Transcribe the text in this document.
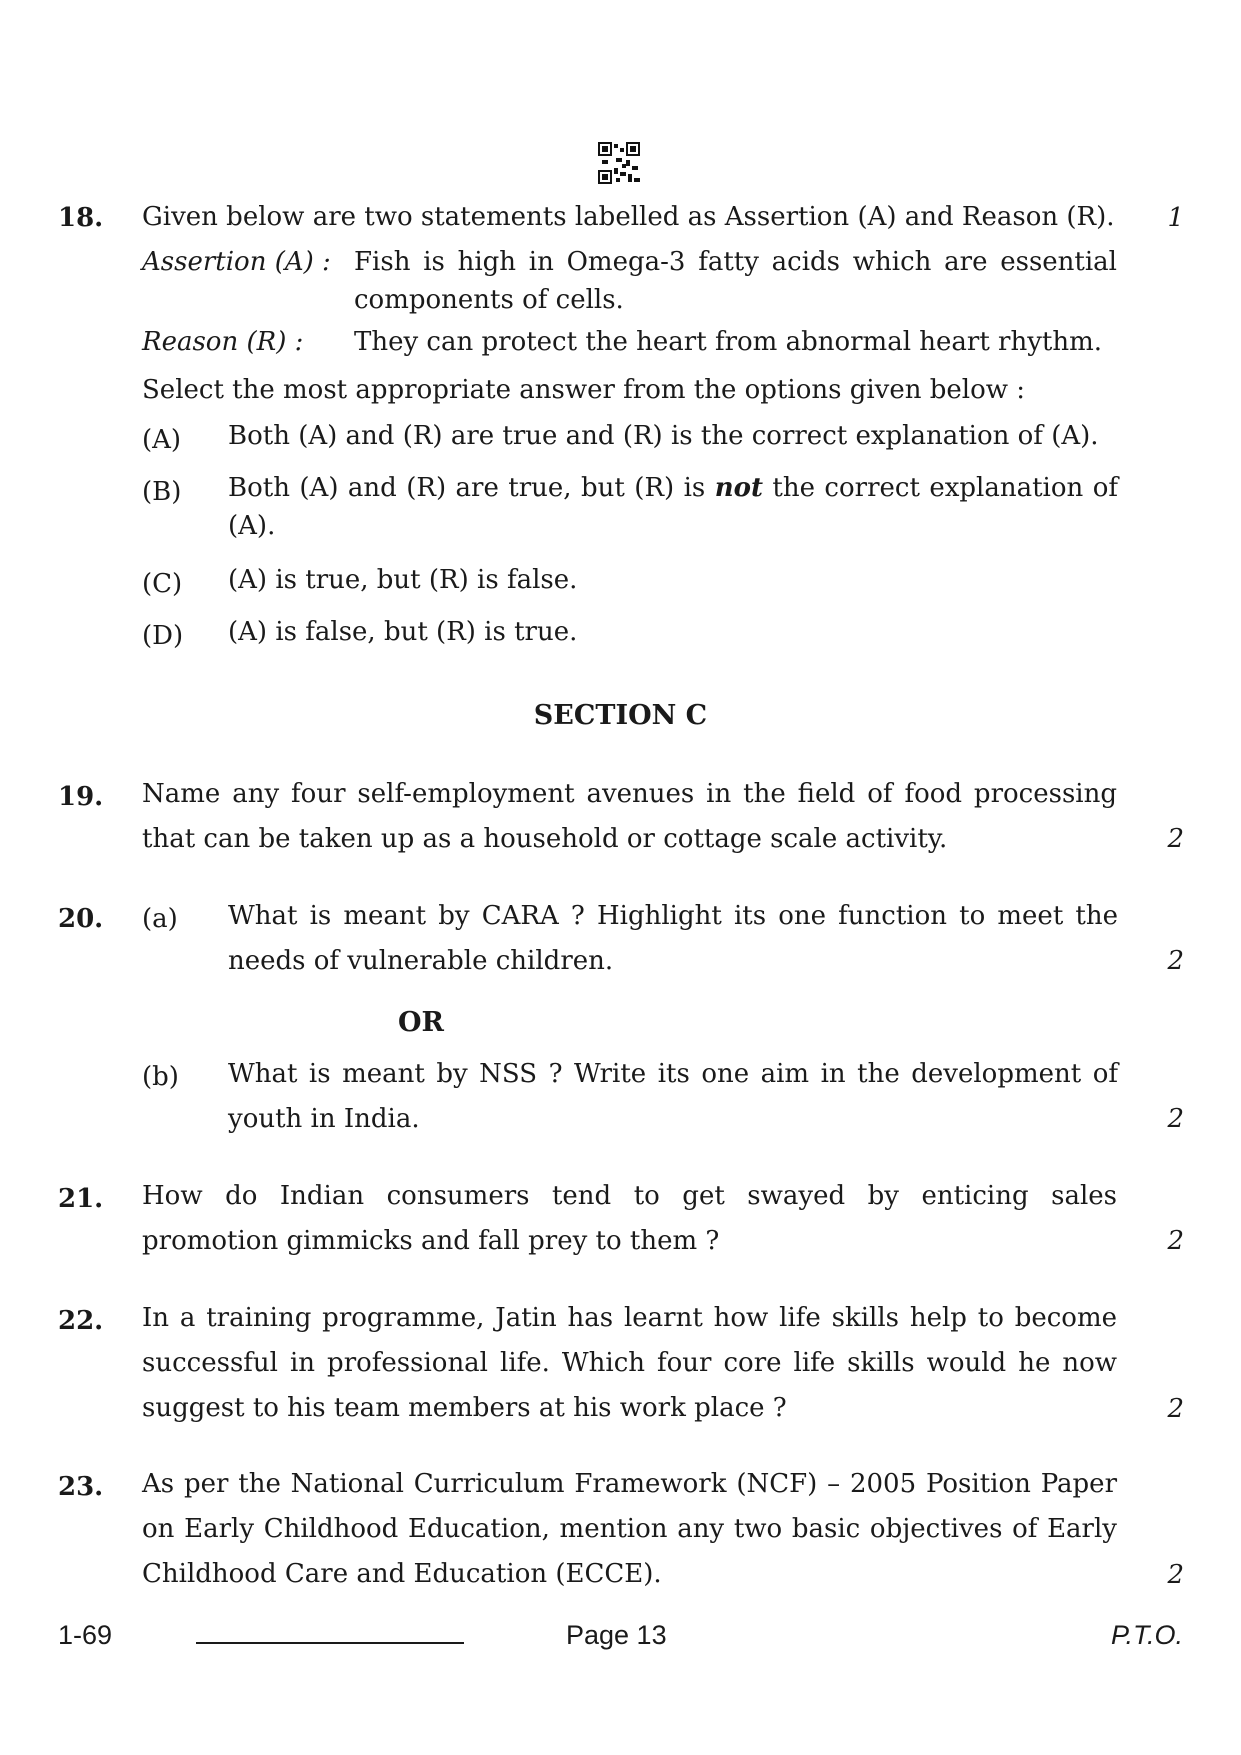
18. Given below are two statements labelled as Assertion (A) and Reason (R). 1
Assertion (A) : Fish is high in Omega-3 fatty acids which are essential components of cells.
Reason (R) : They can protect the heart from abnormal heart rhythm.
Select the most appropriate answer from the options given below :
(A) Both (A) and (R) are true and (R) is the correct explanation of (A).
(B) Both (A) and (R) are true, but (R) is not the correct explanation of (A).
(C) (A) is true, but (R) is false.
(D) (A) is false, but (R) is true.
SECTION C
19. Name any four self-employment avenues in the field of food processing that can be taken up as a household or cottage scale activity.	2
20. (a) What is meant by CARA ? Highlight its one function to meet the needs of vulnerable children.	2
OR
(b) What is meant by NSS ? Write its one aim in the development of youth in India.	2
21. How do Indian consumers tend to get swayed by enticing sales promotion gimmicks and fall prey to them ?	2
22. In a training programme, Jatin has learnt how life skills help to become successful in professional life. Which four core life skills would he now suggest to his team members at his work place ?	2
23. As per the National Curriculum Framework (NCF) – 2005 Position Paper on Early Childhood Education, mention any two basic objectives of Early Childhood Care and Education (ECCE).	2
1-69	Page 13	P.T.O.
